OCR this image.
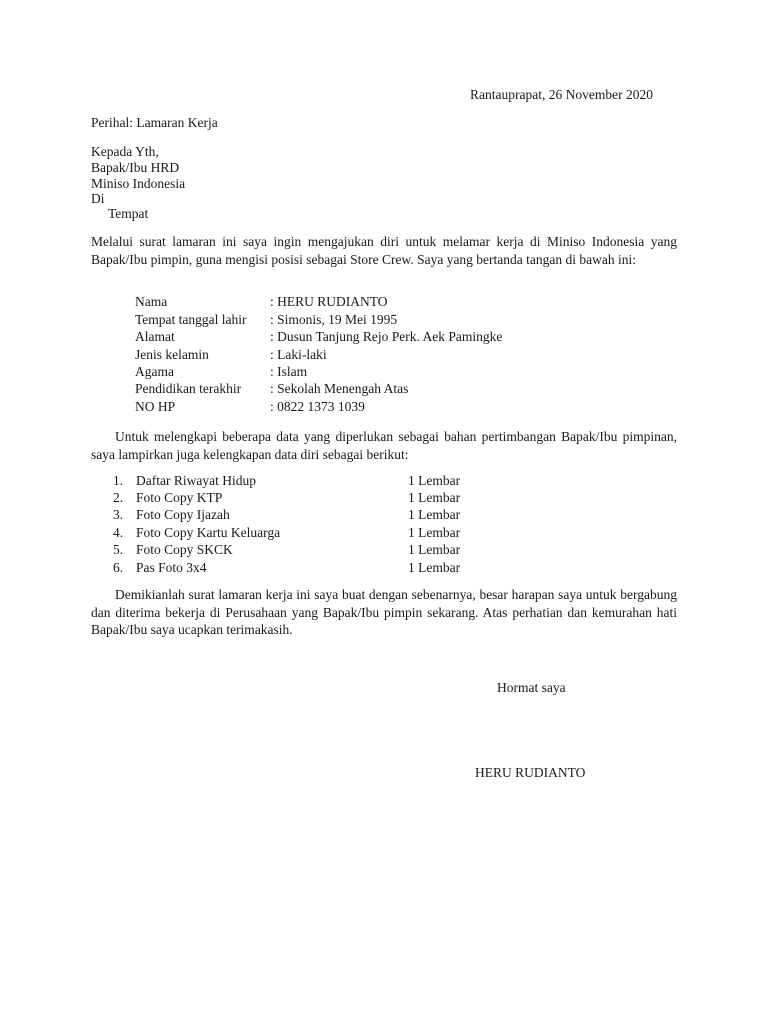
Rantauprapat, 26 November 2020
Perihal: Lamaran Kerja
Kepada Yth,
Bapak/Ibu HRD
Miniso Indonesia
Di
Tempat
Melalui surat lamaran ini saya ingin mengajukan diri untuk melamar kerja di Miniso Indonesia yang Bapak/Ibu pimpin, guna mengisi posisi sebagai Store Crew. Saya yang bertanda tangan di bawah ini:
Nama	: HERU RUDIANTO
Tempat tanggal lahir : Simonis, 19 Mei 1995
Alamat	: Dusun Tanjung Rejo Perk. Aek Pamingke
Jenis kelamin	: Laki-laki
Agama	: Islam
Pendidikan terakhir : Sekolah Menengah Atas
NO HP	: 0822 1373 1039
Untuk melengkapi beberapa data yang diperlukan sebagai bahan pertimbangan Bapak/Ibu pimpinan, saya lampirkan juga kelengkapan data diri sebagai berikut:
1. Daftar Riwayat Hidup	1 Lembar
2. Foto Copy KTP	1 Lembar
3. Foto Copy Ijazah	1 Lembar
4. Foto Copy Kartu Keluarga	1 Lembar
5. Foto Copy SKCK	1 Lembar
6. Pas Foto 3x4	1 Lembar
Demikianlah surat lamaran kerja ini saya buat dengan sebenarnya, besar harapan saya untuk bergabung dan diterima bekerja di Perusahaan yang Bapak/Ibu pimpin sekarang. Atas perhatian dan kemurahan hati Bapak/Ibu saya ucapkan terimakasih.
Hormat saya
HERU RUDIANTO
